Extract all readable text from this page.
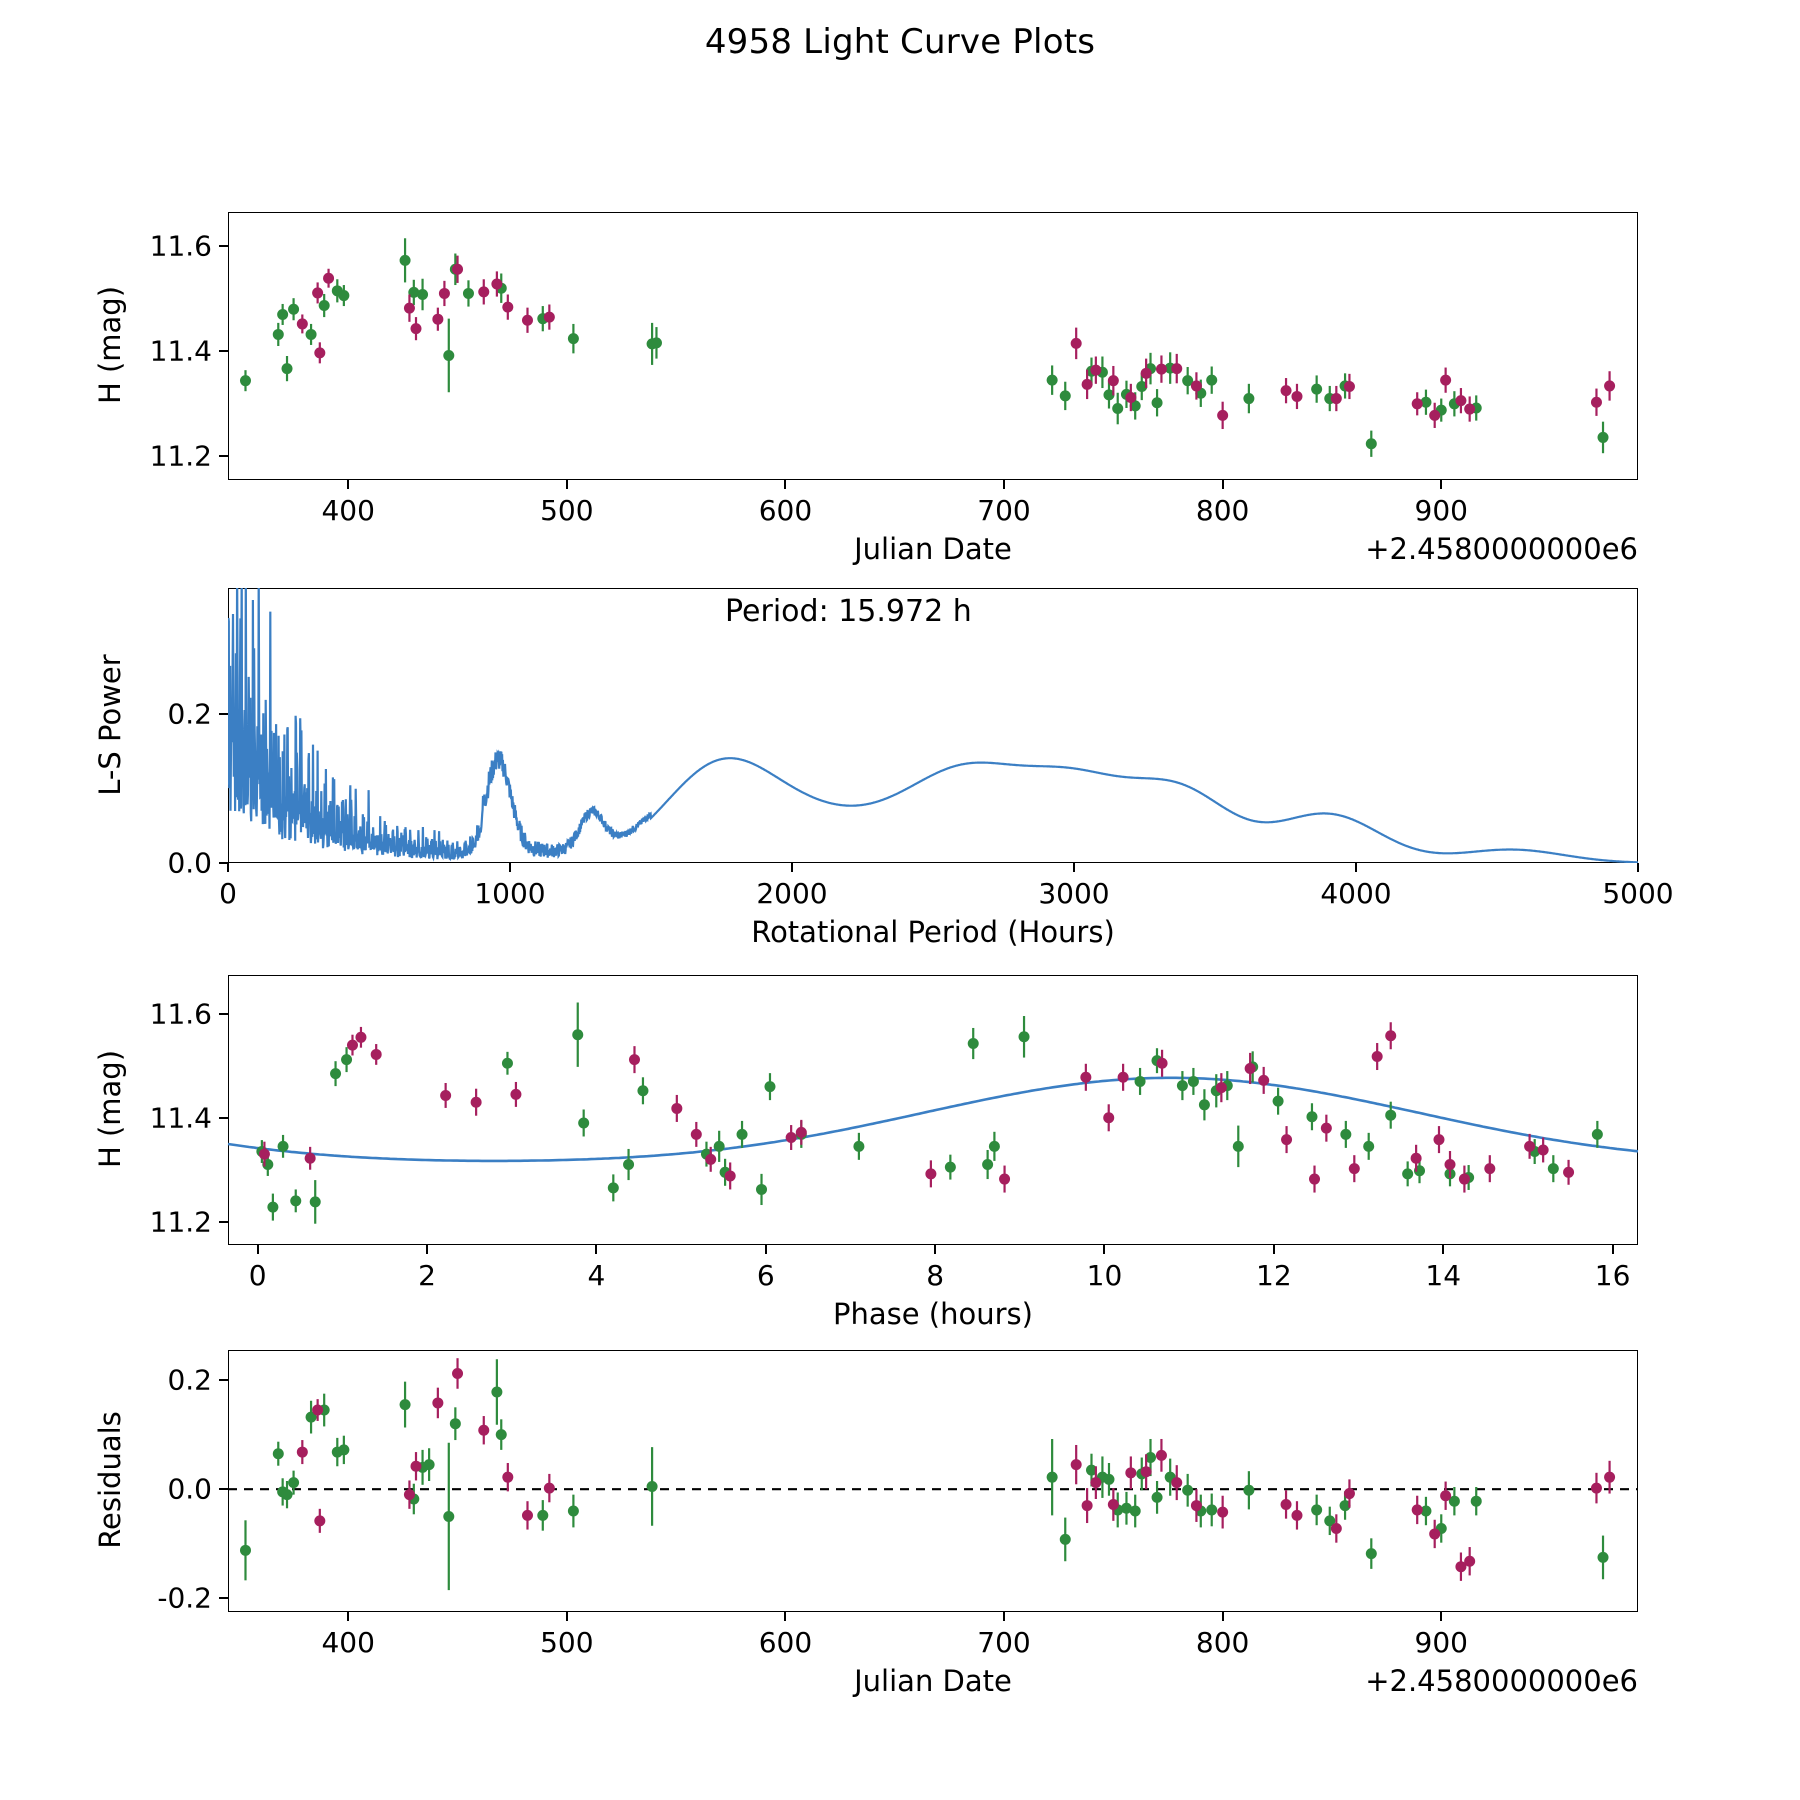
4958 Light Curve Plots
H (mag)
Julian Date	+2.4580000000e6
L-S Power
Rotational Period (Hours)
Period: 15.972 h
H (mag)
Phase (hours)
Residuals
Julian Date	+2.4580000000e6
400	500	600	700	800	900
11.2
11.4
11.6
0	2	4	6	8	10	12	14	16
11.2
11.4
11.6
400	500	600	700	800	900
-0.2
0.0
0.2
0	1000	2000	3000	4000	5000
0.0
0.2
